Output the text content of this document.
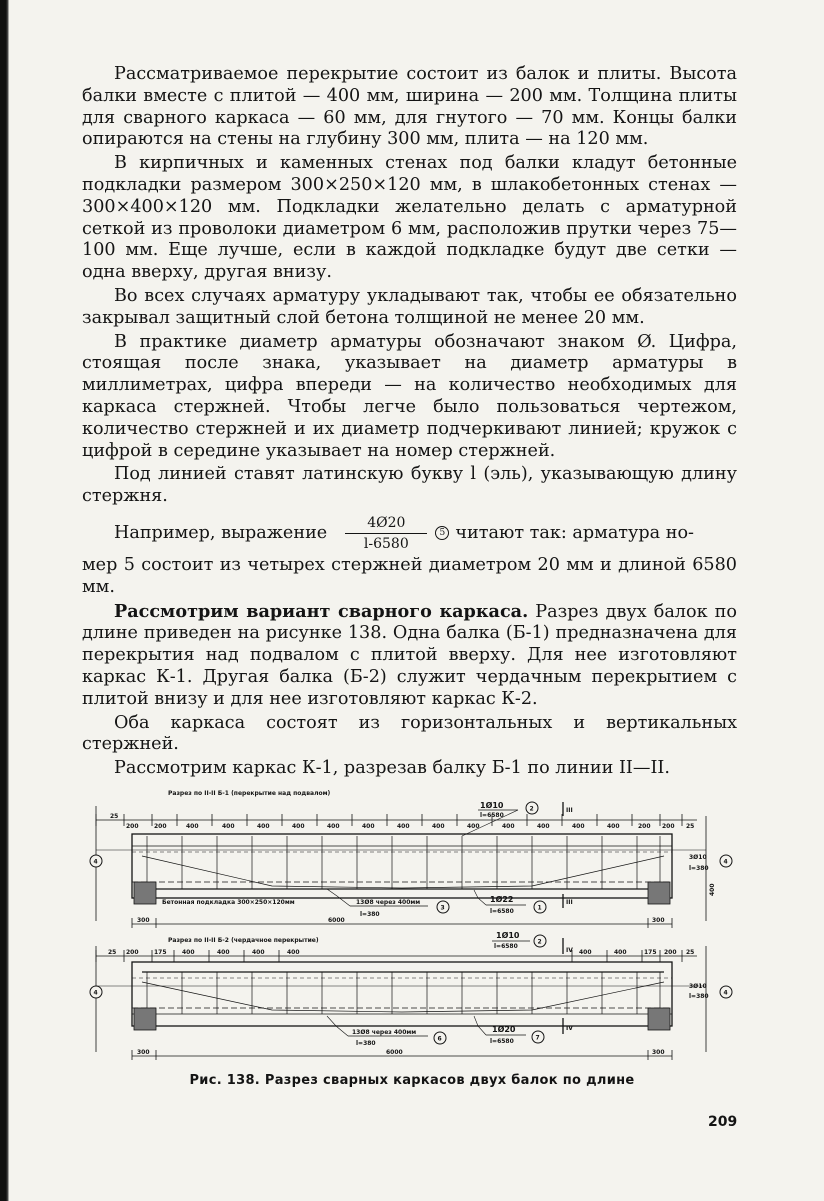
Рассматриваемое перекрытие состоит из балок и плиты. Высота балки вместе с плитой — 400 мм, ширина — 200 мм. Толщина плиты для сварного каркаса — 60 мм, для гнутого — 70 мм. Концы балки опираются на стены на глубину 300 мм, плита — на 120 мм.

В кирпичных и каменных стенах под балки кладут бетонные подкладки размером 300×250×120 мм, в шлакобетонных стенах — 300×400×120 мм. Подкладки желательно делать с арматурной сеткой из проволоки диаметром 6 мм, расположив прутки через 75—100 мм. Еще лучше, если в каждой подкладке будут две сетки — одна вверху, другая внизу.

Во всех случаях арматуру укладывают так, чтобы ее обязательно закрывал защитный слой бетона толщиной не менее 20 мм.

В практике диаметр арматуры обозначают знаком Ø. Цифра, стоящая после знака, указывает на диаметр арматуры в миллиметрах, цифра впереди — на количество необходимых для каркаса стержней. Чтобы легче было пользоваться чертежом, количество стержней и их диаметр подчеркивают линией; кружок с цифрой в середине указывает на номер стержней.

Под линией ставят латинскую букву l (эль), указывающую длину стержня.

Например, выражение $\frac{4Ø20}{l-6580}$	5 читают так: арматура но-

мер 5 состоит из четырех стержней диаметром 20 мм и длиной 6580 мм.

Рассмотрим вариант сварного каркаса. Разрез двух балок по длине приведен на рисунке 138. Одна балка (Б-1) предназначена для перекрытия над подвалом с плитой вверху. Для нее изготовляют каркас К-1. Другая балка (Б-2) служит чердачным перекрытием с плитой внизу и для нее изготовляют каркас К-2.

Оба каркаса состоят из горизонтальных и вертикальных стержней.

Рассмотрим каркас К-1, разрезав балку Б-1 по линии II—II.

Разрез по II-II Б-1 (перекрытие над подвалом)
25
200	200	400	400	400	400	400	400	400	400	400	400	400	400	400	200 200 25
1Ø10
l=6580
2	III
4	4
3Ø10
l=380
400
Бетонная подкладка 300×250×120мм	13Ø8 через 400мм
3
l=380
1Ø22
l=6580	1
III
300	300
6000
Разрез по II-II Б-2 (чердачное перекрытие)
1Ø10
l=6580
2
IV
25 200	175	400	400	400	400	400	400	175 200 25
4	4
3Ø10
l=380
13Ø8 через 400мм
6
l=380
1Ø20
l=6580	7
IV
300	300
6000
Рис. 138. Разрез сварных каркасов двух балок по длине
209
